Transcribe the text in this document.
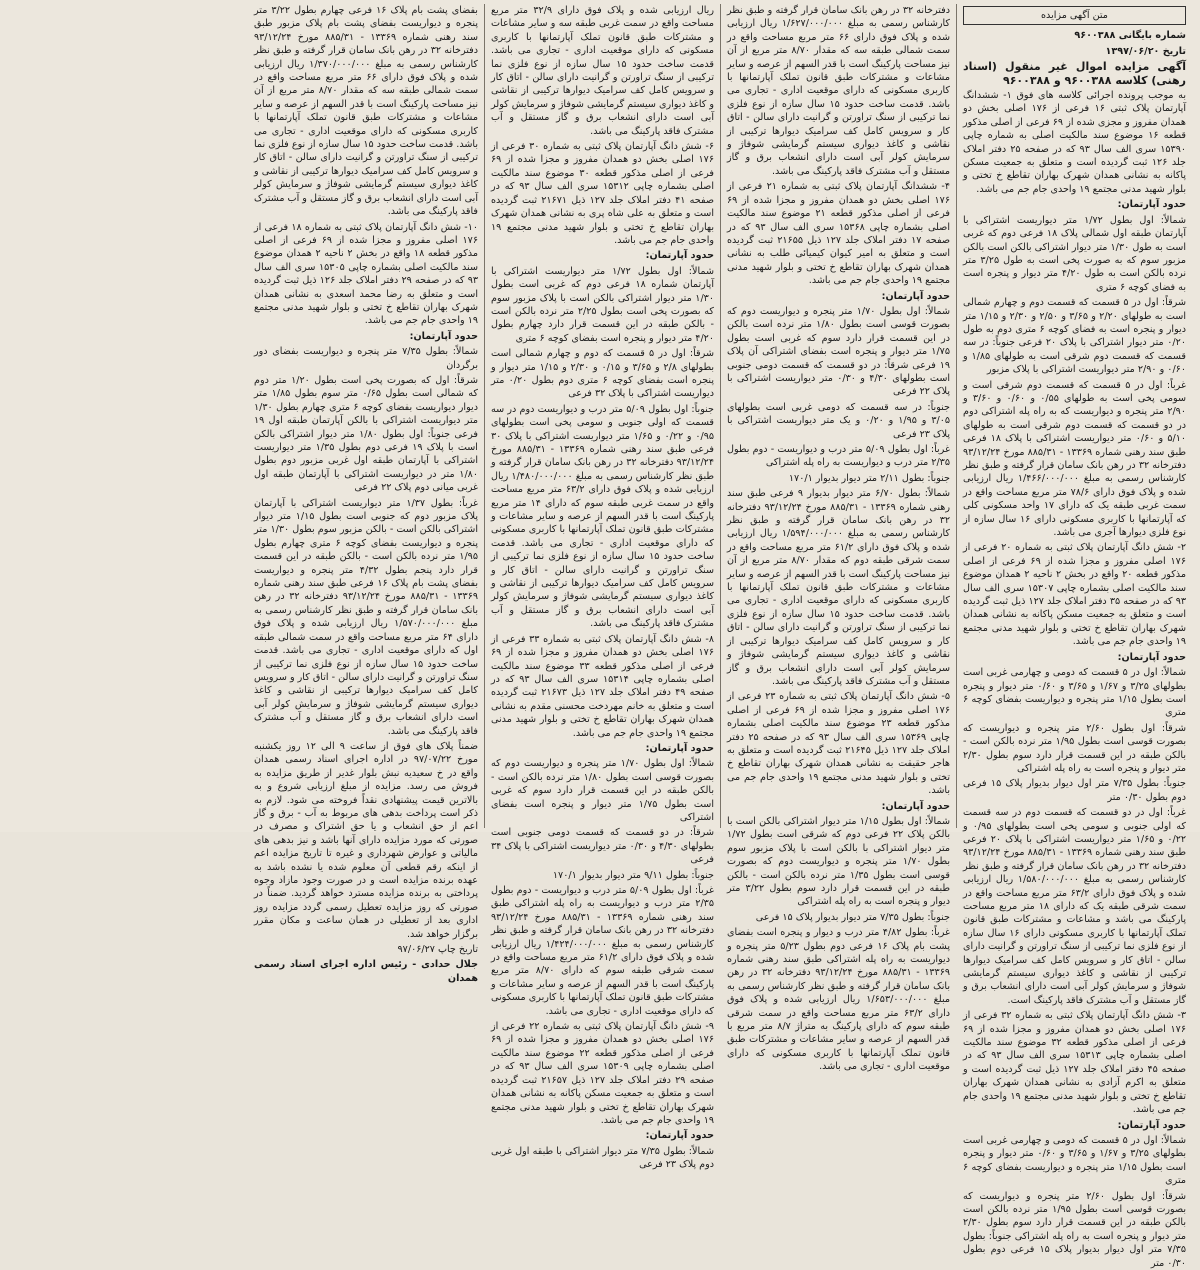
متن آگهی مزایده

شماره بایگانی ۹۶۰۰۳۸۸

تاریخ ۱۳۹۷/۰۶/۲۰

آگهی مزایده اموال غیر منقول (اسناد رهنی) کلاسه ۹۶۰۰۳۸۸ و ۹۶۰۰۳۸۸

به موجب پرونده اجرائی کلاسه های فوق ۱- ششدانگ آپارتمان پلاک ثبتی ۱۶ فرعی از ۱۷۶ اصلی بخش دو همدان مفروز و مجزی شده از ۶۹ فرعی از اصلی مذکور قطعه ۱۶ موضوع سند مالکیت اصلی به شماره چاپی ۱۵۳۹۰ سری الف سال ۹۳ که در صفحه ۲۵ دفتر املاک جلد ۱۲۶ ثبت گردیده است و متعلق به جمعیت مسکن پاکانه به نشانی همدان شهرک بهاران تقاطع خ تختی و بلوار شهید مدنی مجتمع ۱۹ واحدی جام جم می باشد.

حدود آپارتمان:

شمالاً: اول بطول ۱/۷۲ متر دیواریست اشتراکی با آپارتمان طبقه اول شمالی پلاک ۱۸ فرعی دوم که غربی است به طول ۱/۳۰ متر دیوار اشتراکی بالکن است بالکن مزبور سوم که به صورت پخی است به طول ۳/۲۵ متر نرده بالکن است به طول ۴/۲۰ متر دیوار و پنجره است به فضای کوچه ۶ متری

شرقاً: اول در ۵ قسمت که قسمت دوم و چهارم شمالی است به طولهای ۲/۲۰ و ۳/۶۵ و ۲/۵۰ و ۲/۳۰ و ۱/۱۵ متر دیوار و پنجره است به فضای کوچه ۶ متری دوم به طول ۰/۲۰ متر دیوار اشتراکی با پلاک ۲۰ فرعی جنوباً: در سه قسمت که قسمت دوم شرقی است به طولهای ۱/۸۵ و ۰/۶۰ و ۲/۹۰ متر دیواریست اشتراکی با پلاک مزبور

غرباً: اول در ۵ قسمت که قسمت دوم شرقی است و سومی پخی است به طولهای ۰/۵۵ و ۰/۶۰ و ۳/۶۰ و ۲/۹۰ متر پنجره و دیواریست که به راه پله اشتراکی دوم در دو قسمت که قسمت دوم شرقی است به طولهای ۵/۱۰ و ۰/۶۰ متر دیواریست اشتراکی با پلاک ۱۸ فرعی طبق سند رهنی شماره ۱۳۳۶۹ - ۸۸۵/۳۱ مورخ ۹۳/۱۲/۲۴ دفترخانه ۳۲ در رهن بانک سامان قرار گرفته و طبق نظر کارشناس رسمی به مبلغ ۱/۴۶۶/۰۰۰/۰۰۰ ریال ارزیابی شده و پلاک فوق دارای ۷۸/۶ متر مربع مساحت واقع در سمت غربی طبقه یک که دارای ۱۷ واحد مسکونی کلی که آپارتمانها با کاربری مسکونی دارای ۱۶ سال سازه از نوع فلزی دیوارها آجری می باشد.

۲- شش دانگ آپارتمان پلاک ثبتی به شماره ۲۰ فرعی از ۱۷۶ اصلی مفروز و مجزا شده از ۶۹ فرعی از اصلی مذکور قطعه ۲۰ واقع در بخش ۲ ناحیه ۲ همدان موضوع سند مالکیت اصلی بشماره چاپی ۱۵۳۰۷ سری الف سال ۹۳ که در صفحه ۳۵ دفتر املاک جلد ۱۲۷ ذیل ثبت گردیده است و متعلق به جمعیت مسکن پاکانه به نشانی همدان شهرک بهاران تقاطع خ تختی و بلوار شهید مدنی مجتمع ۱۹ واحدی جام جم می باشد.

حدود آپارتمان:

شمالاً: اول در ۵ قسمت که دومی و چهارمی غربی است بطولهای ۳/۲۵ و ۱/۶۷ و ۳/۶۵ و ۰/۶۰ متر دیوار و پنجره است بطول ۱/۱۵ متر پنجره و دیواریست بفضای کوچه ۶ متری

شرقاً: اول بطول ۲/۶۰ متر پنجره و دیواریست که بصورت قوسی است بطول ۱/۹۵ متر نرده بالکن است - بالکن طبقه در این قسمت قرار دارد سوم بطول ۲/۳۰ متر دیوار و پنجره است به راه پله اشتراکی

جنوباً: بطول ۷/۳۵ متر اول دیوار بدیوار پلاک ۱۵ فرعی دوم بطول ۰/۳۰ متر

غرباً: اول در دو قسمت که قسمت دوم در سه قسمت که اولی جنوبی و سومی پخی است بطولهای ۰/۹۵ و ۰/۲۲ و ۱/۶۵ متر دیواریست اشتراکی با پلاک ۲۰ فرعی طبق سند رهنی شماره ۱۳۳۶۹ - ۸۸۵/۳۱ مورخ ۹۳/۱۲/۲۴ دفترخانه ۳۲ در رهن بانک سامان قرار گرفته و طبق نظر کارشناس رسمی به مبلغ ۱/۵۸۰/۰۰۰/۰۰۰ ریال ارزیابی شده و پلاک فوق دارای ۶۳/۲ متر مربع مساحت واقع در سمت شرقی طبقه یک که دارای ۱۸ متر مربع مساحت پارکینگ می باشد و مشاعات و مشترکات طبق قانون تملک آپارتمانها با کاربری مسکونی دارای ۱۶ سال سازه از نوع فلزی نما ترکیبی از سنگ تراورتن و گرانیت دارای سالن - اتاق کار و سرویس کامل کف سرامیک دیوارها ترکیبی از نقاشی و کاغذ دیواری سیستم گرمایشی شوفاژ و سرمایش کولر آبی است دارای انشعاب برق و گاز مستقل و آب مشترک فاقد پارکینگ است.

۳- شش دانگ آپارتمان پلاک ثبتی به شماره ۳۲ فرعی از ۱۷۶ اصلی بخش دو همدان مفروز و مجزا شده از ۶۹ فرعی از اصلی مذکور قطعه ۳۲ موضوع سند مالکیت اصلی بشماره چاپی ۱۵۳۱۳ سری الف سال ۹۳ که در صفحه ۴۵ دفتر املاک جلد ۱۲۷ ذیل ثبت گردیده است و متعلق به اکرم آزادی به نشانی همدان شهرک بهاران تقاطع خ تختی و بلوار شهید مدنی مجتمع ۱۹ واحدی جام جم می باشد.

حدود آپارتمان:

شمالاً: اول در ۵ قسمت که دومی و چهارمی غربی است بطولهای ۳/۲۵ و ۱/۶۷ و ۳/۶۵ و ۰/۶۰ متر دیوار و پنجره است بطول ۱/۱۵ متر پنجره و دیواریست بفضای کوچه ۶ متری

شرقاً: اول بطول ۲/۶۰ متر پنجره و دیواریست که بصورت قوسی است بطول ۱/۹۵ متر نرده بالکن است بالکن طبقه در این قسمت قرار دارد سوم بطول ۲/۳۰ متر دیوار و پنجره است به راه پله اشتراکی جنوباً: بطول ۷/۳۵ متر اول دیوار بدیوار پلاک ۱۵ فرعی دوم بطول ۰/۳۰ متر

دفترخانه ۳۲ در رهن بانک سامان قرار گرفته و طبق نظر کارشناس رسمی به مبلغ ۱/۶۲۷/۰۰۰/۰۰۰ ریال ارزیابی شده و پلاک فوق دارای ۶۶ متر مربع مساحت واقع در سمت شمالی طبقه سه که مقدار ۸/۷۰ متر مربع از آن نیز مساحت پارکینگ است با قدر السهم از عرصه و سایر مشاعات و مشترکات طبق قانون تملک آپارتمانها با کاربری مسکونی که دارای موقعیت اداری - تجاری می باشد. قدمت ساخت حدود ۱۵ سال سازه از نوع فلزی نما ترکیبی از سنگ تراورتن و گرانیت دارای سالن - اتاق کار و سرویس کامل کف سرامیک دیوارها ترکیبی از نقاشی و کاغذ دیواری سیستم گرمایشی شوفاژ و سرمایش کولر آبی است دارای انشعاب برق و گاز مستقل و آب مشترک فاقد پارکینگ می باشد.

۴- ششدانگ آپارتمان پلاک ثبتی به شماره ۲۱ فرعی از ۱۷۶ اصلی بخش دو همدان مفروز و مجزا شده از ۶۹ فرعی از اصلی مذکور قطعه ۲۱ موضوع سند مالکیت اصلی بشماره چاپی ۱۵۳۶۸ سری الف سال ۹۳ که در صفحه ۱۷ دفتر املاک جلد ۱۲۷ ذیل ۲۱۶۵۵ ثبت گردیده است و متعلق به امیر کیوان کیمیائی طلب به نشانی همدان شهرک بهاران تقاطع خ تختی و بلوار شهید مدنی مجتمع ۱۹ واحدی جام جم می باشد.

حدود آپارتمان:

شمالاً: اول بطول ۱/۷۰ متر پنجره و دیواریست دوم که بصورت قوسی است بطول ۱/۸۰ متر نرده است بالکن در این قسمت قرار دارد سوم که غربی است بطول ۱/۷۵ متر دیوار و پنجره است بفضای اشتراکی آن پلاک ۱۹ فرعی شرقاً: در دو قسمت که قسمت دومی جنوبی است بطولهای ۴/۳۰ و ۰/۳۰ متر دیواریست اشتراکی با پلاک ۲۲ فرعی

جنوباً: در سه قسمت که دومی غربی است بطولهای ۳/۰۵ و ۱/۹۵ و ۰/۲۰ و یک متر دیواریست اشتراکی با پلاک ۲۳ فرعی

غرباً: اول بطول ۵/۰۹ متر درب و دیواریست - دوم بطول ۲/۳۵ متر درب و دیواریست به راه پله اشتراکی

جنوباً: بطول ۲/۱۱ متر دیوار بدیوار ۱۷۰/۱

شمالاً: بطول ۶/۷۰ متر دیوار بدیوار ۹ فرعی طبق سند رهنی شماره ۱۳۳۶۹ - ۸۸۵/۳۱ مورخ ۹۳/۱۲/۲۴ دفترخانه ۳۲ در رهن بانک سامان قرار گرفته و طبق نظر کارشناس رسمی به مبلغ ۱/۵۹۴/۰۰۰/۰۰۰ ریال ارزیابی شده و پلاک فوق دارای ۶۱/۲ متر مربع مساحت واقع در سمت شرقی طبقه دوم که مقدار ۸/۷۰ متر مربع از آن نیز مساحت پارکینگ است با قدر السهم از عرصه و سایر مشاعات و مشترکات طبق قانون تملک آپارتمانها با کاربری مسکونی که دارای موقعیت اداری - تجاری می باشد. قدمت ساخت حدود ۱۵ سال سازه از نوع فلزی نما ترکیبی از سنگ تراورتن و گرانیت دارای سالن - اتاق کار و سرویس کامل کف سرامیک دیوارها ترکیبی از نقاشی و کاغذ دیواری سیستم گرمایشی شوفاژ و سرمایش کولر آبی است دارای انشعاب برق و گاز مستقل و آب مشترک فاقد پارکینگ می باشد.

۵- شش دانگ آپارتمان پلاک ثبتی به شماره ۲۳ فرعی از ۱۷۶ اصلی مفروز و مجزا شده از ۶۹ فرعی از اصلی مذکور قطعه ۲۳ موضوع سند مالکیت اصلی بشماره چاپی ۱۵۳۶۹ سری الف سال ۹۳ که در صفحه ۲۵ دفتر املاک جلد ۱۲۷ ذیل ۲۱۶۴۵ ثبت گردیده است و متعلق به هاجر حقیقت به نشانی همدان شهرک بهاران تقاطع خ تختی و بلوار شهید مدنی مجتمع ۱۹ واحدی جام جم می باشد.

حدود آپارتمان:

شمالاً: اول بطول ۱/۱۵ متر دیوار اشتراکی بالکن است با بالکن پلاک ۲۲ فرعی دوم که شرقی است بطول ۱/۷۲ متر دیوار اشتراکی با بالکن است با پلاک مزبور سوم بطول ۱/۷۰ متر پنجره و دیواریست دوم که بصورت قوسی است بطول ۱/۳۵ متر نرده بالکن است - بالکن طبقه در این قسمت قرار دارد سوم بطول ۳/۲۲ متر دیوار و پنجره است به راه پله اشتراکی

جنوباً: بطول ۷/۳۵ متر دیوار بدیوار پلاک ۱۵ فرعی

غرباً: بطول ۴/۸۲ متر درب و دیوار و پنجره است بفضای پشت بام پلاک ۱۶ فرعی دوم بطول ۵/۲۳ متر پنجره و دیواریست به راه پله اشتراکی طبق سند رهنی شماره ۱۳۳۶۹ - ۸۸۵/۳۱ مورخ ۹۳/۱۲/۲۴ دفترخانه ۳۲ در رهن بانک سامان قرار گرفته و طبق نظر کارشناس رسمی به مبلغ ۱/۶۵۳/۰۰۰/۰۰۰ ریال ارزیابی شده و پلاک فوق دارای ۶۳/۲ متر مربع مساحت واقع در سمت شرقی طبقه سوم که دارای پارکینگ به متراژ ۸/۷ متر مربع با قدر السهم از عرصه و سایر مشاعات و مشترکات طبق قانون تملک آپارتمانها با کاربری مسکونی که دارای موقعیت اداری - تجاری می باشد.

ریال ارزیابی شده و پلاک فوق دارای ۳۲/۹ متر مربع مساحت واقع در سمت غربی طبقه سه و سایر مشاعات و مشترکات طبق قانون تملک آپارتمانها با کاربری مسکونی که دارای موقعیت اداری - تجاری می باشد. قدمت ساخت حدود ۱۵ سال سازه از نوع فلزی نما ترکیبی از سنگ تراورتن و گرانیت دارای سالن - اتاق کار و سرویس کامل کف سرامیک دیوارها ترکیبی از نقاشی و کاغذ دیواری سیستم گرمایشی شوفاژ و سرمایش کولر آبی است دارای انشعاب برق و گاز مستقل و آب مشترک فاقد پارکینگ می باشد.

۶- شش دانگ آپارتمان پلاک ثبتی به شماره ۳۰ فرعی از ۱۷۶ اصلی بخش دو همدان مفروز و مجزا شده از ۶۹ فرعی از اصلی مذکور قطعه ۳۰ موضوع سند مالکیت اصلی بشماره چاپی ۱۵۳۱۲ سری الف سال ۹۳ که در صفحه ۴۱ دفتر املاک جلد ۱۲۷ ذیل ۲۱۶۷۱ ثبت گردیده است و متعلق به علی شاه پری به نشانی همدان شهرک بهاران تقاطع خ تختی و بلوار شهید مدنی مجتمع ۱۹ واحدی جام جم می باشد.

حدود آپارتمان:

شمالاً: اول بطول ۱/۷۲ متر دیواریست اشتراکی با آپارتمان شماره ۱۸ فرعی دوم که غربی است بطول ۱/۳۰ متر دیوار اشتراکی بالکن است با پلاک مزبور سوم که بصورت پخی است بطول ۲/۲۵ متر نرده بالکن است - بالکن طبقه در این قسمت قرار دارد چهارم بطول ۴/۲۰ متر دیوار و پنجره است بفضای کوچه ۶ متری

شرقاً: اول در ۵ قسمت که دوم و چهارم شمالی است بطولهای ۲/۸ و ۳/۶۵ و ۰/۱۵ و ۲/۳۰ و ۱/۱۵ متر دیوار و پنجره است بفضای کوچه ۶ متری دوم بطول ۰/۲۰ متر دیواریست اشتراکی با پلاک ۳۲ فرعی

جنوباً: اول بطول ۵/۰۹ متر درب و دیواریست دوم در سه قسمت که اولی جنوبی و سومی پخی است بطولهای ۰/۹۵ و ۰/۲۲ و ۱/۶۵ متر دیواریست اشتراکی با پلاک ۳۰ فرعی طبق سند رهنی شماره ۱۳۳۶۹ - ۸۸۵/۳۱ مورخ ۹۳/۱۲/۲۴ دفترخانه ۳۲ در رهن بانک سامان قرار گرفته و طبق نظر کارشناس رسمی به مبلغ ۱/۴۸۰/۰۰۰/۰۰۰ ریال ارزیابی شده و پلاک فوق دارای ۶۳/۲ متر مربع مساحت واقع در سمت غربی طبقه سوم که دارای ۱۴ متر مربع پارکینگ است با قدر السهم از عرصه و سایر مشاعات و مشترکات طبق قانون تملک آپارتمانها با کاربری مسکونی که دارای موقعیت اداری - تجاری می باشد. قدمت ساخت حدود ۱۵ سال سازه از نوع فلزی نما ترکیبی از سنگ تراورتن و گرانیت دارای سالن - اتاق کار و سرویس کامل کف سرامیک دیوارها ترکیبی از نقاشی و کاغذ دیواری سیستم گرمایشی شوفاژ و سرمایش کولر آبی است دارای انشعاب برق و گاز مستقل و آب مشترک فاقد پارکینگ می باشد.

۸- شش دانگ آپارتمان پلاک ثبتی به شماره ۳۳ فرعی از ۱۷۶ اصلی بخش دو همدان مفروز و مجزا شده از ۶۹ فرعی از اصلی مذکور قطعه ۳۳ موضوع سند مالکیت اصلی بشماره چاپی ۱۵۳۱۴ سری الف سال ۹۳ که در صفحه ۴۹ دفتر املاک جلد ۱۲۷ ذیل ۲۱۶۷۳ ثبت گردیده است و متعلق به خانم مهردخت محسنی مقدم به نشانی همدان شهرک بهاران تقاطع خ تختی و بلوار شهید مدنی مجتمع ۱۹ واحدی جام جم می باشد.

حدود آپارتمان:

شمالاً: اول بطول ۱/۷۰ متر پنجره و دیواریست دوم که بصورت قوسی است بطول ۱/۸۰ متر نرده بالکن است - بالکن طبقه در این قسمت قرار دارد سوم که غربی است بطول ۱/۷۵ متر دیوار و پنجره است بفضای اشتراکی

شرقاً: در دو قسمت که قسمت دومی جنوبی است بطولهای ۴/۳۰ و ۰/۳۰ متر دیواریست اشتراکی با پلاک ۳۴ فرعی

جنوباً: بطول ۹/۱۱ متر دیوار بدیوار ۱۷۰/۱

غرباً: اول بطول ۵/۰۹ متر درب و دیواریست - دوم بطول ۲/۳۵ متر درب و دیواریست به راه پله اشتراکی طبق سند رهنی شماره ۱۳۳۶۹ - ۸۸۵/۳۱ مورخ ۹۳/۱۲/۲۴ دفترخانه ۳۲ در رهن بانک سامان قرار گرفته و طبق نظر کارشناس رسمی به مبلغ ۱/۴۲۴/۰۰۰/۰۰۰ ریال ارزیابی شده و پلاک فوق دارای ۶۱/۲ متر مربع مساحت واقع در سمت شرقی طبقه سوم که دارای ۸/۷۰ متر مربع پارکینگ است با قدر السهم از عرصه و سایر مشاعات و مشترکات طبق قانون تملک آپارتمانها با کاربری مسکونی که دارای موقعیت اداری - تجاری می باشد.

۹- شش دانگ آپارتمان پلاک ثبتی به شماره ۲۲ فرعی از ۱۷۶ اصلی بخش دو همدان مفروز و مجزا شده از ۶۹ فرعی از اصلی مذکور قطعه ۲۲ موضوع سند مالکیت اصلی بشماره چاپی ۱۵۳۰۹ سری الف سال ۹۳ که در صفحه ۲۹ دفتر املاک جلد ۱۲۷ ذیل ۲۱۶۵۷ ثبت گردیده است و متعلق به جمعیت مسکن پاکانه به نشانی همدان شهرک بهاران تقاطع خ تختی و بلوار شهید مدنی مجتمع ۱۹ واحدی جام جم می باشد.

حدود آپارتمان:

شمالاً: بطول ۷/۳۵ متر دیوار اشتراکی با طبقه اول غربی دوم پلاک ۲۳ فرعی

بفضای پشت بام پلاک ۱۶ فرعی چهارم بطول ۳/۲۲ متر پنجره و دیواریست بفضای پشت بام پلاک مزبور طبق سند رهنی شماره ۱۳۳۶۹ - ۸۸۵/۳۱ مورخ ۹۳/۱۲/۲۴ دفترخانه ۳۲ در رهن بانک سامان قرار گرفته و طبق نظر کارشناس رسمی به مبلغ ۱/۳۷۰/۰۰۰/۰۰۰ ریال ارزیابی شده و پلاک فوق دارای ۶۶ متر مربع مساحت واقع در سمت شمالی طبقه سه که مقدار ۸/۷۰ متر مربع از آن نیز مساحت پارکینگ است با قدر السهم از عرصه و سایر مشاعات و مشترکات طبق قانون تملک آپارتمانها با کاربری مسکونی که دارای موقعیت اداری - تجاری می باشد. قدمت ساخت حدود ۱۵ سال سازه از نوع فلزی نما ترکیبی از سنگ تراورتن و گرانیت دارای سالن - اتاق کار و سرویس کامل کف سرامیک دیوارها ترکیبی از نقاشی و کاغذ دیواری سیستم گرمایشی شوفاژ و سرمایش کولر آبی است دارای انشعاب برق و گاز مستقل و آب مشترک فاقد پارکینگ می باشد.

۱۰- شش دانگ آپارتمان پلاک ثبتی به شماره ۱۸ فرعی از ۱۷۶ اصلی مفروز و مجزا شده از ۶۹ فرعی از اصلی مذکور قطعه ۱۸ واقع در بخش ۲ ناحیه ۲ همدان موضوع سند مالکیت اصلی بشماره چاپی ۱۵۳۰۵ سری الف سال ۹۳ که در صفحه ۲۹ دفتر املاک جلد ۱۲۶ ذیل ثبت گردیده است و متعلق به رضا محمد اسعدی به نشانی همدان شهرک بهاران تقاطع خ تختی و بلوار شهید مدنی مجتمع ۱۹ واحدی جام جم می باشد.

حدود آپارتمان:

شمالاً: بطول ۷/۳۵ متر پنجره و دیواریست بفضای دور برگردان

شرقاً: اول که بصورت پخی است بطول ۱/۲۰ متر دوم که شمالی است بطول ۰/۶۵ متر سوم بطول ۱/۸۵ متر دیوار دیواریست بفضای کوچه ۶ متری چهارم بطول ۱/۳۰ متر دیواریست اشتراکی با بالکن آپارتمان طبقه اول ۱۹ فرعی جنوباً: اول بطول ۱/۸۰ متر دیوار اشتراکی بالکن است با پلاک ۱۹ فرعی دوم بطول ۱/۳۵ متر دیواریست اشتراکی با آپارتمان طبقه اول غربی مزبور دوم بطول ۱/۸۰ متر در دیواریست اشتراکی با آپارتمان طبقه اول غربی میانی دوم پلاک ۲۲ فرعی

غرباً: بطول ۱/۳۷ متر دیواریست اشتراکی با آپارتمان پلاک مزبور دوم که جنوبی است بطول ۱/۱۵ متر دیوار اشتراکی بالکن است - بالکن مزبور سوم بطول ۱/۳۰ متر پنجره و دیواریست بفضای کوچه ۶ متری چهارم بطول ۱/۹۵ متر نرده بالکن است - بالکن طبقه در این قسمت قرار دارد پنجم بطول ۴/۳۲ متر پنجره و دیواریست بفضای پشت بام پلاک ۱۶ فرعی طبق سند رهنی شماره ۱۳۳۶۹ - ۸۸۵/۳۱ مورخ ۹۳/۱۲/۲۴ دفترخانه ۳۲ در رهن بانک سامان قرار گرفته و طبق نظر کارشناس رسمی به مبلغ ۱/۵۷۰/۰۰۰/۰۰۰ ریال ارزیابی شده و پلاک فوق دارای ۶۴ متر مربع مساحت واقع در سمت شمالی طبقه اول که دارای موقعیت اداری - تجاری می باشد. قدمت ساخت حدود ۱۵ سال سازه از نوع فلزی نما ترکیبی از سنگ تراورتن و گرانیت دارای سالن - اتاق کار و سرویس کامل کف سرامیک دیوارها ترکیبی از نقاشی و کاغذ دیواری سیستم گرمایشی شوفاژ و سرمایش کولر آبی است دارای انشعاب برق و گاز مستقل و آب مشترک فاقد پارکینگ می باشد.

ضمناً پلاک های فوق از ساعت ۹ الی ۱۲ روز یکشنبه مورخ ۹۷/۰۷/۲۲ در اداره اجرای اسناد رسمی همدان واقع در خ سعیدیه نبش بلوار غدیر از طریق مزایده به فروش می رسد. مزایده از مبلغ ارزیابی شروع و به بالاترین قیمت پیشنهادی نقداً فروخته می شود. لازم به ذکر است پرداخت بدهی های مربوط به آب - برق و گاز اعم از حق انشعاب و یا حق اشتراک و مصرف در صورتی که مورد مزایده دارای آنها باشد و نیز بدهی های مالیاتی و عوارض شهرداری و غیره تا تاریخ مزایده اعم از اینکه رقم قطعی آن معلوم شده یا نشده باشد به عهده برنده مزایده است و در صورت وجود مازاد وجوه پرداختی به برنده مزایده مسترد خواهد گردید. ضمناً در صورتی که روز مزایده تعطیل رسمی گردد مزایده روز اداری بعد از تعطیلی در همان ساعت و مکان مقرر برگزار خواهد شد.

تاریخ چاپ ۹۷/۰۶/۲۷

جلال حدادی - رئیس اداره اجرای اسناد رسمی همدان
